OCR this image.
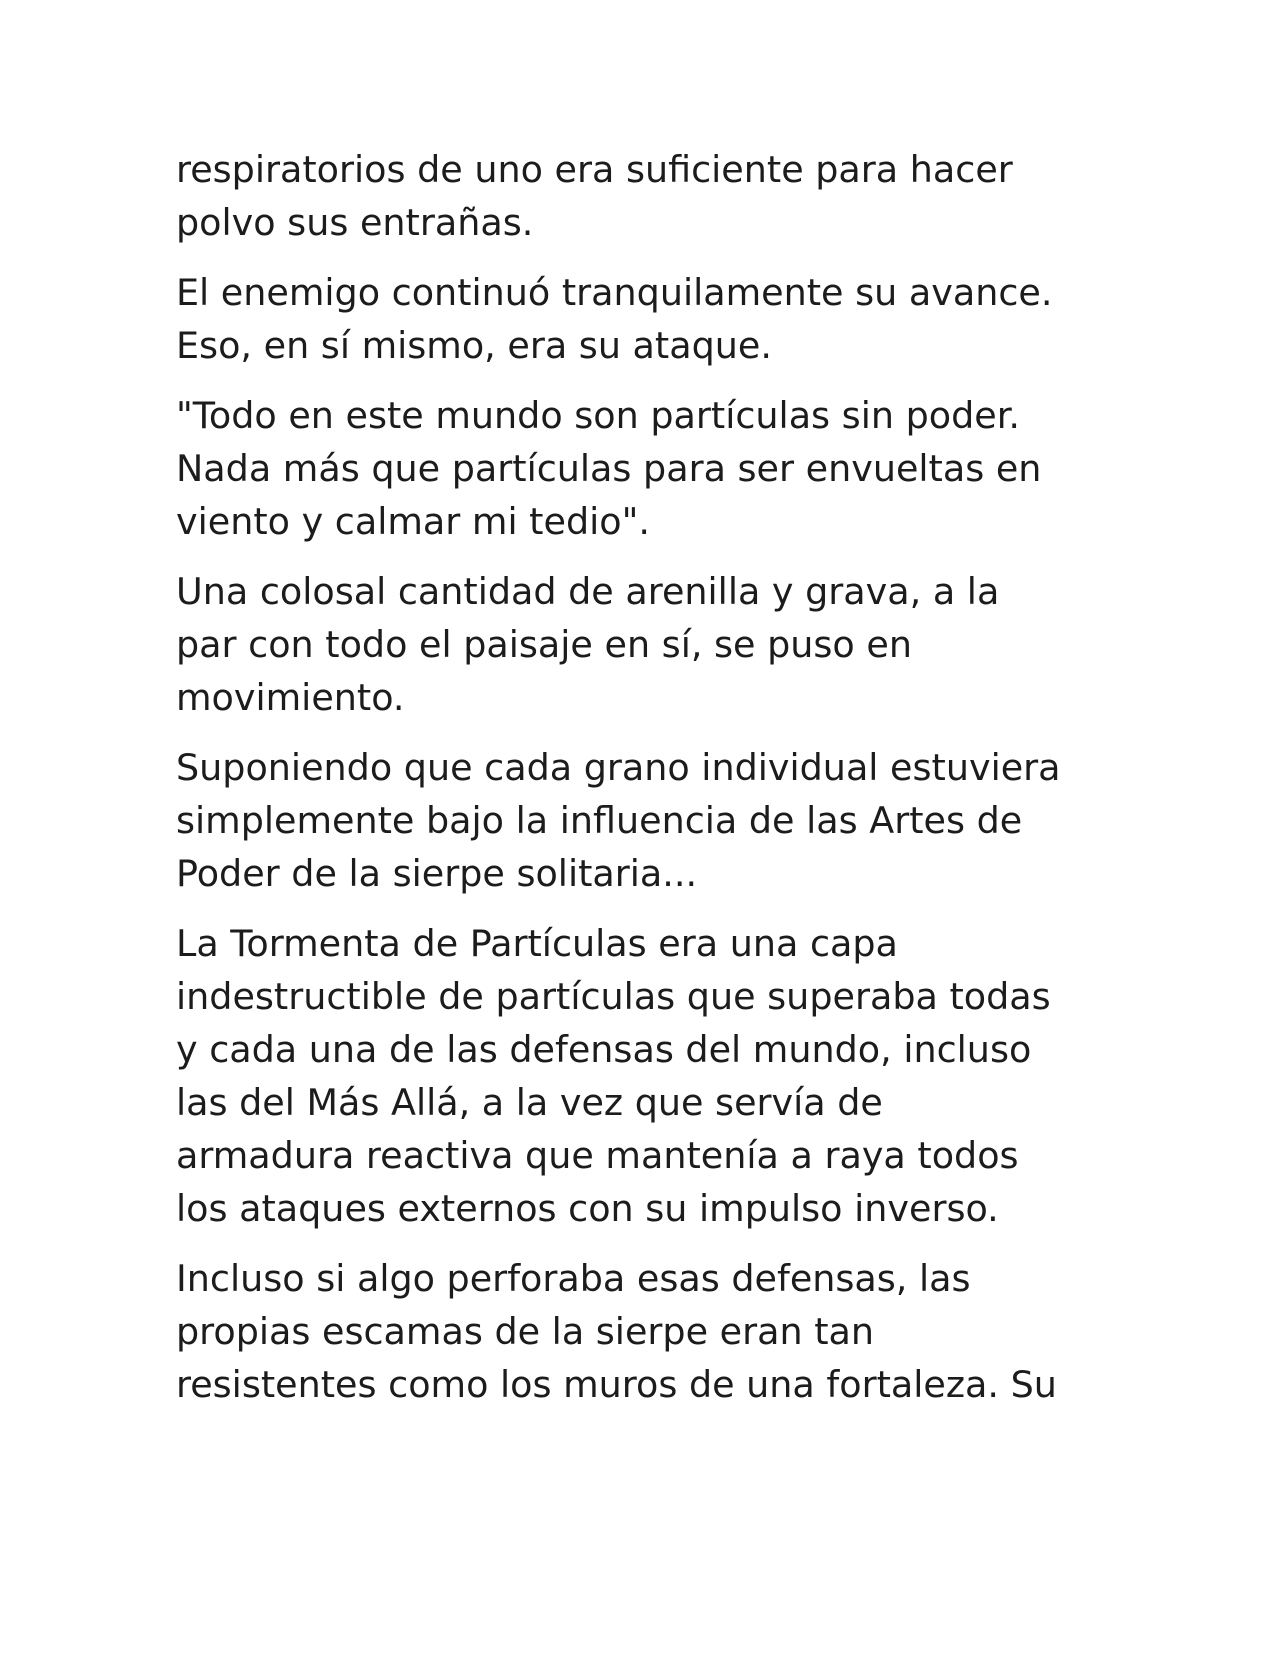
respiratorios de uno era suficiente para hacer
polvo sus entrañas.

El enemigo continuó tranquilamente su avance.
Eso, en sí mismo, era su ataque.

"Todo en este mundo son partículas sin poder.
Nada más que partículas para ser envueltas en
viento y calmar mi tedio".

Una colosal cantidad de arenilla y grava, a la
par con todo el paisaje en sí, se puso en
movimiento.

Suponiendo que cada grano individual estuviera
simplemente bajo la influencia de las Artes de
Poder de la sierpe solitaria...

La Tormenta de Partículas era una capa
indestructible de partículas que superaba todas
y cada una de las defensas del mundo, incluso
las del Más Allá, a la vez que servía de
armadura reactiva que mantenía a raya todos
los ataques externos con su impulso inverso.

Incluso si algo perforaba esas defensas, las
propias escamas de la sierpe eran tan
resistentes como los muros de una fortaleza. Su
